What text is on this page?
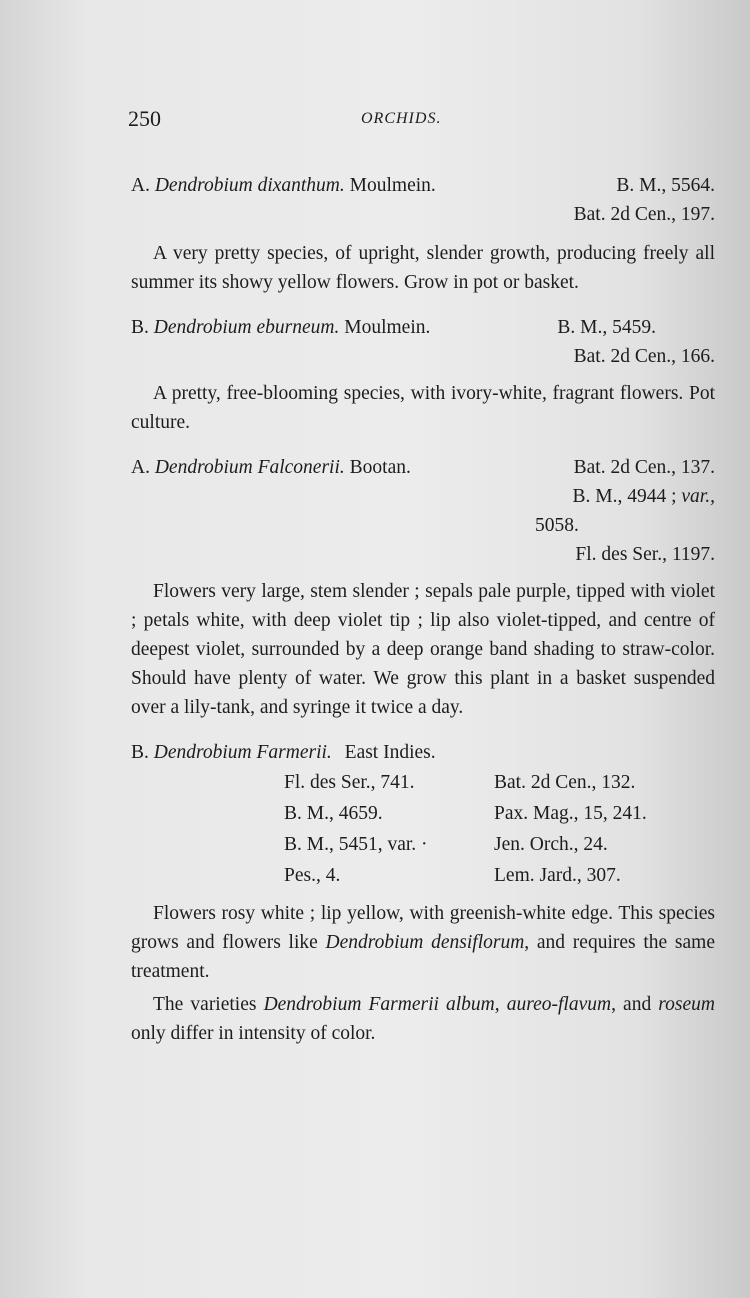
250	ORCHIDS.
A. Dendrobium dixanthum. Moulmein.	B. M., 5564.
Bat. 2d Cen., 197.
A very pretty species, of upright, slender growth, producing freely all summer its showy yellow flowers. Grow in pot or basket.
B. Dendrobium eburneum. Moulmein.	B. M., 5459.
Bat. 2d Cen., 166.
A pretty, free-blooming species, with ivory-white, fragrant flowers. Pot culture.
A. Dendrobium Falconerii. Bootan.	Bat. 2d Cen., 137.
B. M., 4944 ; var.,
5058.
Fl. des Ser., 1197.
Flowers very large, stem slender ; sepals pale purple, tipped with violet ; petals white, with deep violet tip ; lip also violet-tipped, and centre of deepest violet, surrounded by a deep orange band shading to straw-color. Should have plenty of water. We grow this plant in a basket suspended over a lily-tank, and syringe it twice a day.
B. Dendrobium Farmerii. East Indies.
Fl. des Ser., 741.	Bat. 2d Cen., 132.
B. M., 4659.	Pax. Mag., 15, 241.
B. M., 5451, var. ·	Jen. Orch., 24.
Pes., 4.	Lem. Jard., 307.
Flowers rosy white ; lip yellow, with greenish-white edge. This species grows and flowers like Dendrobium densiflorum, and requires the same treatment.
The varieties Dendrobium Farmerii album, aureo-flavum, and roseum only differ in intensity of color.
